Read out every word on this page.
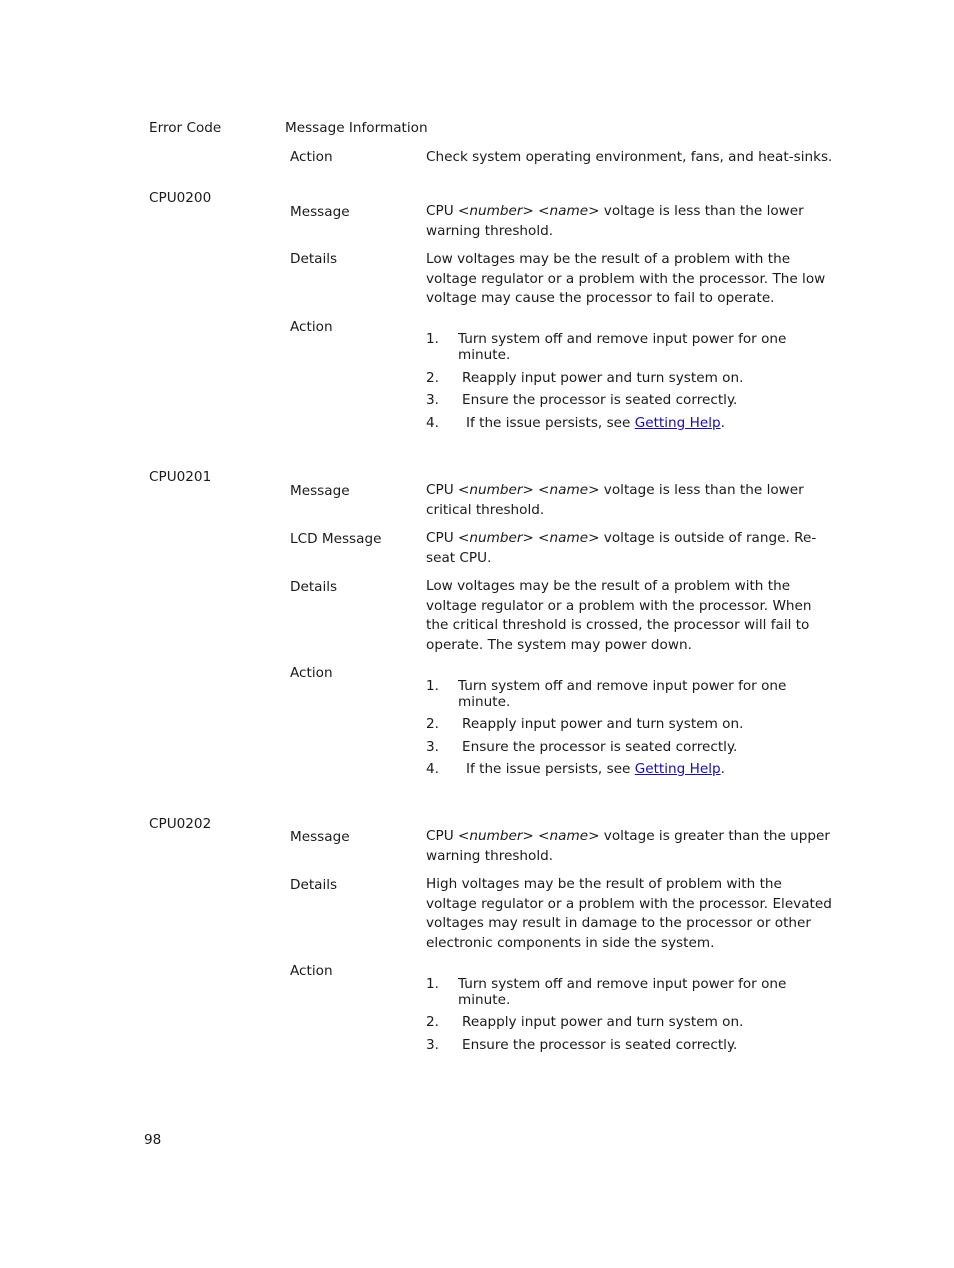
Error Code	Message Information
Action	Check system operating environment, fans, and heat-sinks.
CPU0200
Message	CPU <number> <name> voltage is less than the lower warning threshold.
Details	Low voltages may be the result of a problem with the voltage regulator or a problem with the processor. The low voltage may cause the processor to fail to operate.
Action
1.	Turn system off and remove input power for one minute.
2.	Reapply input power and turn system on.
3.	Ensure the processor is seated correctly.
4.	If the issue persists, see Getting Help.
CPU0201
Message	CPU <number> <name> voltage is less than the lower critical threshold.
LCD Message	CPU <number> <name> voltage is outside of range. Re-seat CPU.
Details	Low voltages may be the result of a problem with the voltage regulator or a problem with the processor. When the critical threshold is crossed, the processor will fail to operate. The system may power down.
Action
1.	Turn system off and remove input power for one minute.
2.	Reapply input power and turn system on.
3.	Ensure the processor is seated correctly.
4.	If the issue persists, see Getting Help.
CPU0202
Message	CPU <number> <name> voltage is greater than the upper warning threshold.
Details	High voltages may be the result of problem with the voltage regulator or a problem with the processor. Elevated voltages may result in damage to the processor or other electronic components in side the system.
Action
1.	Turn system off and remove input power for one minute.
2.	Reapply input power and turn system on.
3.	Ensure the processor is seated correctly.
98
